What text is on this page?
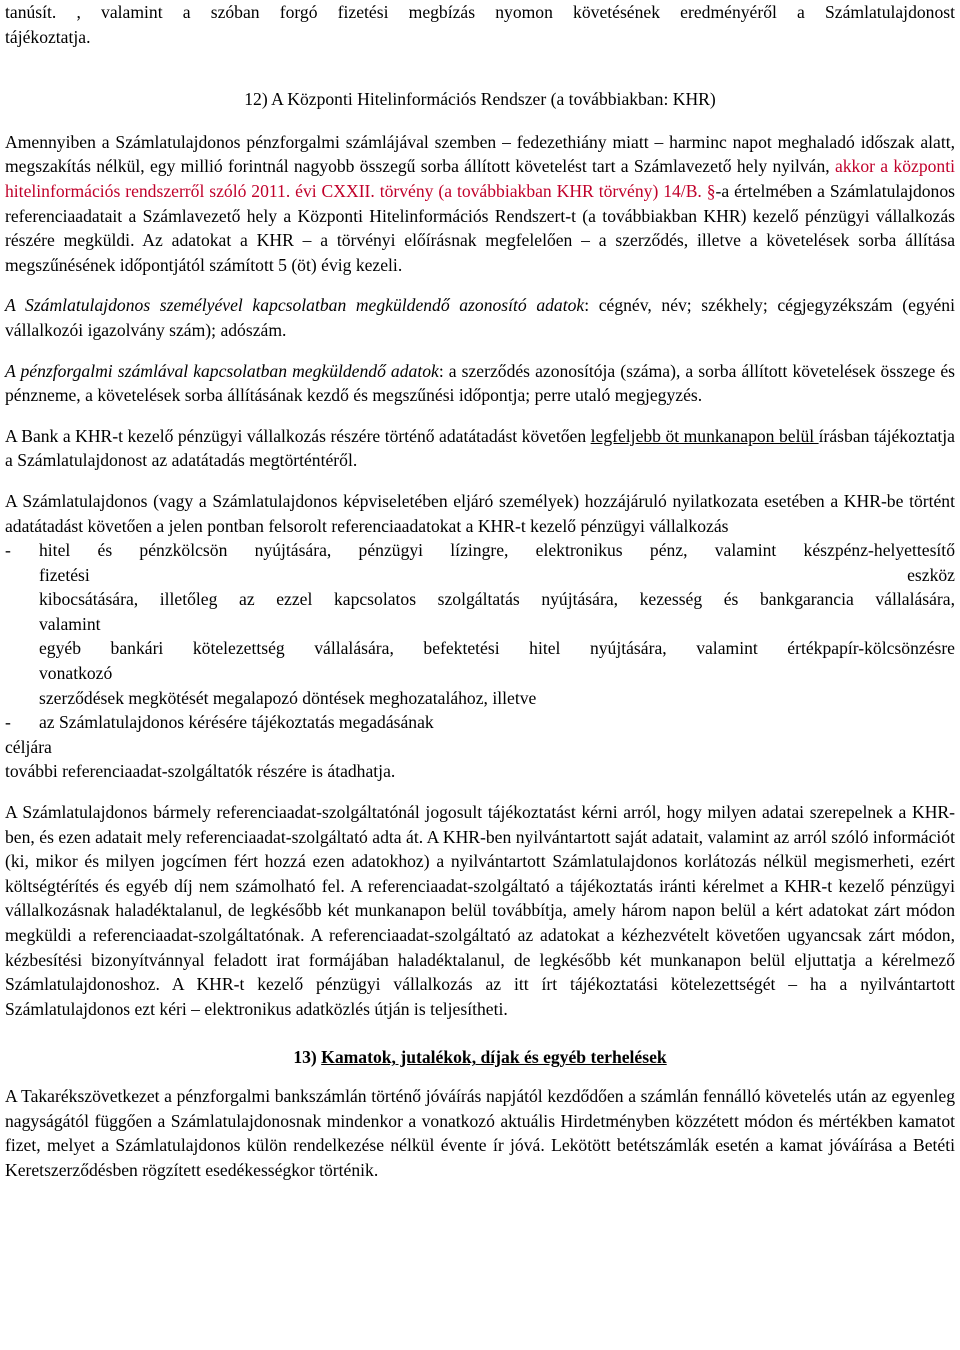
tanúsít. , valamint a szóban forgó fizetési megbízás nyomon követésének eredményéről a Számlatulajdonost

tájékoztatja.

12) A Központi Hitelinformációs Rendszer (a továbbiakban: KHR)

Amennyiben a Számlatulajdonos pénzforgalmi számlájával szemben – fedezethiány miatt – harminc napot meghaladó időszak alatt, megszakítás nélkül, egy millió forintnál nagyobb összegű sorba állított követelést tart a Számlavezető hely nyilván, akkor a központi hitelinformációs rendszerről szóló 2011. évi CXXII. törvény (a továbbiakban KHR törvény) 14/B. §-a értelmében a Számlatulajdonos referenciaadatait a Számlavezető hely a Központi Hitelinformációs Rendszert-t (a továbbiakban KHR) kezelő pénzügyi vállalkozás részére megküldi. Az adatokat a KHR – a törvényi előírásnak megfelelően – a szerződés, illetve a követelések sorba állítása megszűnésének időpontjától számított 5 (öt) évig kezeli.

A Számlatulajdonos személyével kapcsolatban megküldendő azonosító adatok: cégnév, név; székhely; cégjegyzékszám (egyéni vállalkozói igazolvány szám); adószám.

A pénzforgalmi számlával kapcsolatban megküldendő adatok: a szerződés azonosítója (száma), a sorba állított követelések összege és pénzneme, a követelések sorba állításának kezdő és megszűnési időpontja; perre utaló megjegyzés.

A Bank a KHR-t kezelő pénzügyi vállalkozás részére történő adatátadást követően legfeljebb öt munkanapon belül írásban tájékoztatja a Számlatulajdonost az adatátadás megtörténtéről.

A Számlatulajdonos (vagy a Számlatulajdonos képviseletében eljáró személyek) hozzájáruló nyilatkozata esetében a KHR-be történt adatátadást követően a jelen pontban felsorolt referenciaadatokat a KHR-t kezelő pénzügyi vállalkozás

- hitel és pénzkölcsön nyújtására, pénzügyi lízingre, elektronikus pénz, valamint készpénz-helyettesítő
fizetési	eszköz
kibocsátására, illetőleg az ezzel kapcsolatos szolgáltatás nyújtására, kezesség és bankgarancia vállalására,
valamint
egyéb bankári kötelezettség vállalására, befektetési hitel nyújtására, valamint értékpapír-kölcsönzésre
vonatkozó
szerződések megkötését megalapozó döntések meghozatalához, illetve
- az Számlatulajdonos kérésére tájékoztatás megadásának

céljára

további referenciaadat-szolgáltatók részére is átadhatja.

A Számlatulajdonos bármely referenciaadat-szolgáltatónál jogosult tájékoztatást kérni arról, hogy milyen adatai szerepelnek a KHR-ben, és ezen adatait mely referenciaadat-szolgáltató adta át. A KHR-ben nyilvántartott saját adatait, valamint az arról szóló információt (ki, mikor és milyen jogcímen fért hozzá ezen adatokhoz) a nyilvántartott Számlatulajdonos korlátozás nélkül megismerheti, ezért költségtérítés és egyéb díj nem számolható fel. A referenciaadat-szolgáltató a tájékoztatás iránti kérelmet a KHR-t kezelő pénzügyi vállalkozásnak haladéktalanul, de legkésőbb két munkanapon belül továbbítja, amely három napon belül a kért adatokat zárt módon megküldi a referenciaadat-szolgáltatónak. A referenciaadat-szolgáltató az adatokat a kézhezvételt követően ugyancsak zárt módon, kézbesítési bizonyítvánnyal feladott irat formájában haladéktalanul, de legkésőbb két munkanapon belül eljuttatja a kérelmező Számlatulajdonoshoz. A KHR-t kezelő pénzügyi vállalkozás az itt írt tájékoztatási kötelezettségét – ha a nyilvántartott Számlatulajdonos ezt kéri – elektronikus adatközlés útján is teljesítheti.

13) Kamatok, jutalékok, díjak és egyéb terhelések

A Takarékszövetkezet a pénzforgalmi bankszámlán történő jóváírás napjától kezdődően a számlán fennálló követelés után az egyenleg nagyságától függően a Számlatulajdonosnak mindenkor a vonatkozó aktuális Hirdetményben közzétett módon és mértékben kamatot fizet, melyet a Számlatulajdonos külön rendelkezése nélkül évente ír jóvá. Lekötött betétszámlák esetén a kamat jóváírása a Betéti Keretszerződésben rögzített esedékességkor történik.
